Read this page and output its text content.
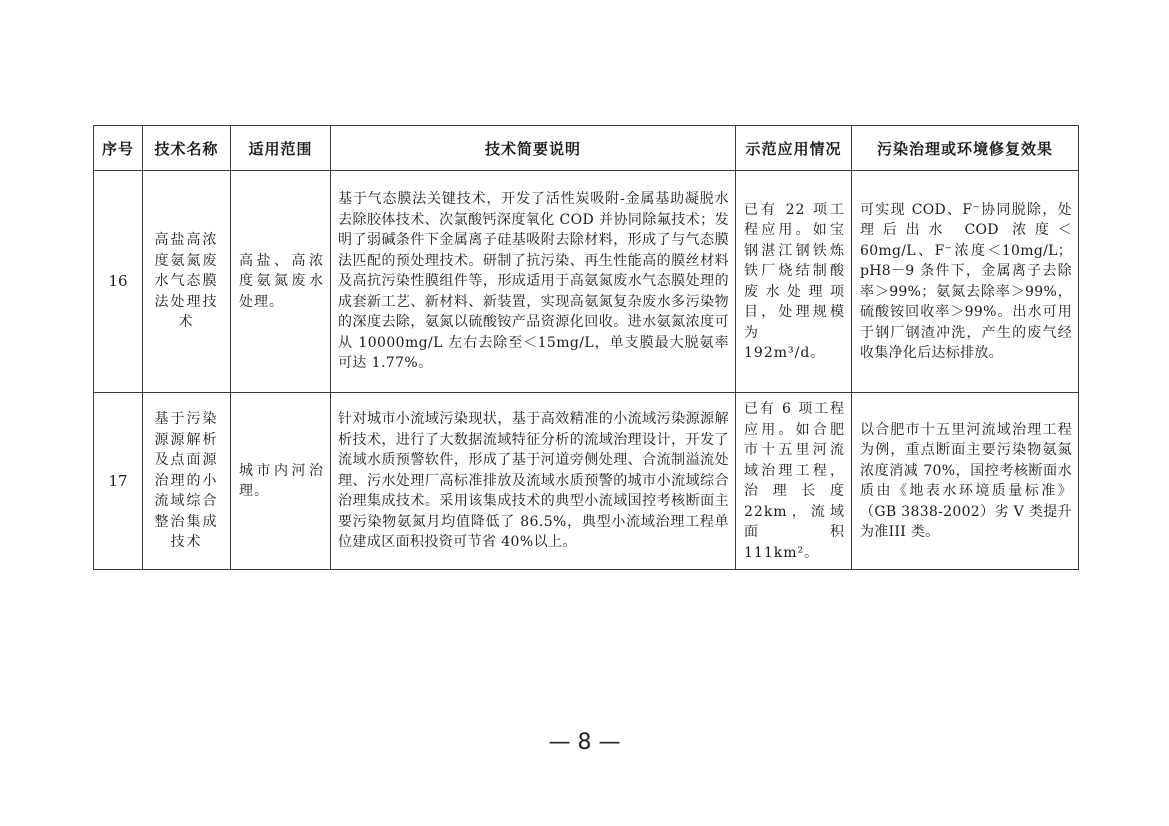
序号	技术名称	适用范围	技术简要说明	示范应用情况	污染治理或环境修复效果
16	高盐高浓度氨氮废水气态膜法处理技术	高盐、高浓度氨氮废水处理。	基于气态膜法关键技术，开发了活性炭吸附-金属基助凝脱水去除胶体技术、次氯酸钙深度氧化 COD 并协同除氟技术；发明了弱碱条件下金属离子硅基吸附去除材料，形成了与气态膜法匹配的预处理技术。研制了抗污染、再生性能高的膜丝材料及高抗污染性膜组件等，形成适用于高氨氮废水气态膜处理的成套新工艺、新材料、新装置，实现高氨氮复杂废水多污染物的深度去除，氨氮以硫酸铵产品资源化回收。进水氨氮浓度可从 10000mg/L 左右去除至＜15mg/L，单支膜最大脱氨率可达 1.77%。	已有 22 项工程应用。如宝钢湛江钢铁炼铁厂烧结制酸废水处理项目，处理规模为 192m³/d。	可实现 COD、F⁻协同脱除，处理后出水 COD 浓度＜60mg/L、F⁻浓度＜10mg/L；pH8－9 条件下，金属离子去除率＞99%；氨氮去除率＞99%，硫酸铵回收率＞99%。出水可用于钢厂钢渣冲洗，产生的废气经收集净化后达标排放。
17	基于污染源源解析及点面源治理的小流域综合整治集成技术	城市内河治理。	针对城市小流域污染现状，基于高效精准的小流域污染源源解析技术，进行了大数据流域特征分析的流域治理设计，开发了流域水质预警软件，形成了基于河道旁侧处理、合流制溢流处理、污水处理厂高标准排放及流域水质预警的城市小流域综合治理集成技术。采用该集成技术的典型小流域国控考核断面主要污染物氨氮月均值降低了 86.5%，典型小流域治理工程单位建成区面积投资可节省 40%以上。	已有 6 项工程应用。如合肥市十五里河流域治理工程，治理长度 22km，流域面积 111km²。	以合肥市十五里河流域治理工程为例，重点断面主要污染物氨氮浓度消减 70%，国控考核断面水质由《地表水环境质量标准》（GB 3838-2002）劣 V 类提升为准III 类。
— 8 —
